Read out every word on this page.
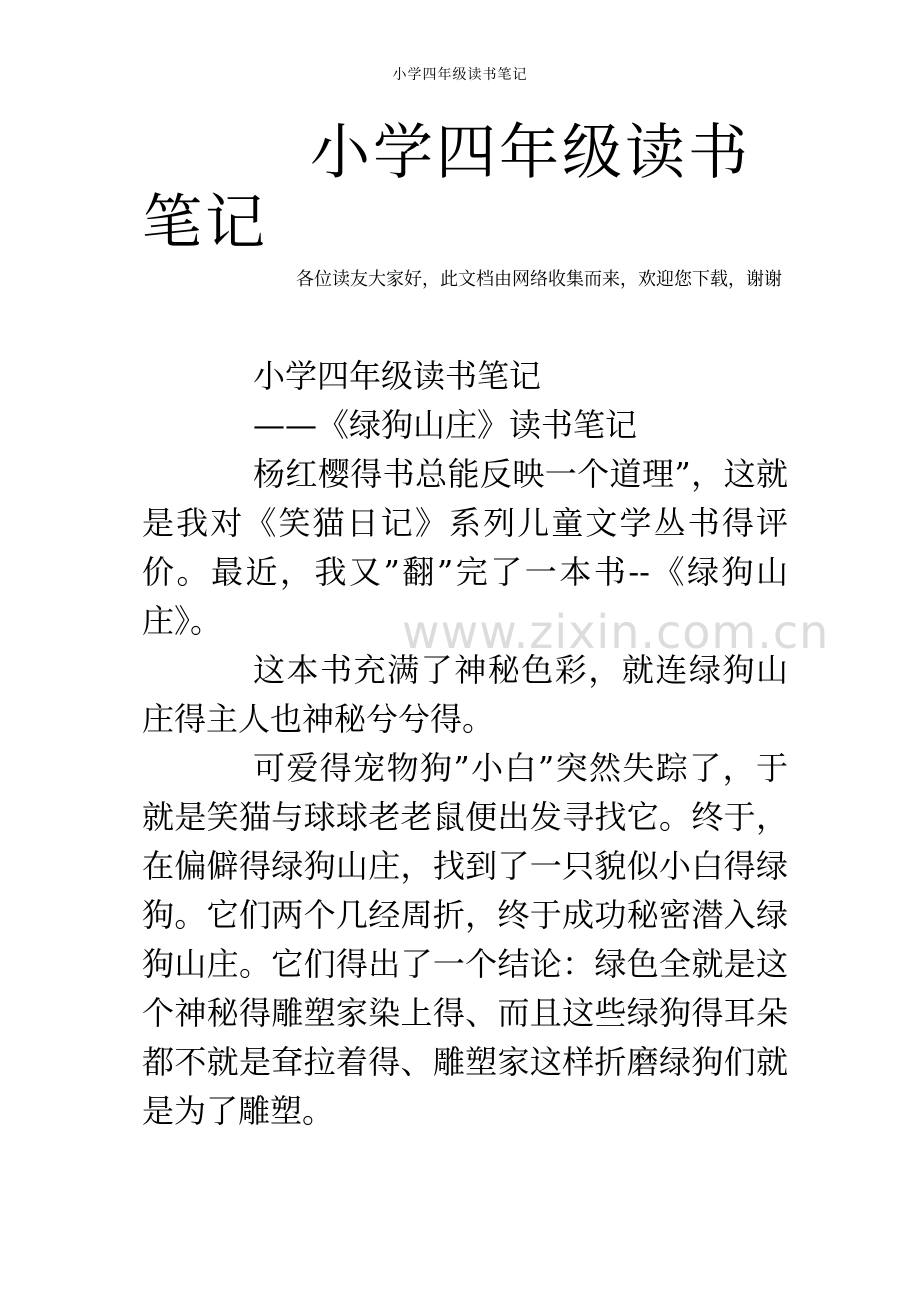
小学四年级读书笔记
小学四年级读书笔记
各位读友大家好，此文档由网络收集而来，欢迎您下载，谢谢

小学四年级读书笔记

——《绿狗山庄》读书笔记

杨红樱得书总能反映一个道理”，这就是我对《笑猫日记》系列儿童文学丛书得评价。最近，我又”翻”完了一本书--《绿狗山庄》。

这本书充满了神秘色彩，就连绿狗山庄得主人也神秘兮兮得。

可爱得宠物狗”小白”突然失踪了，于就是笑猫与球球老老鼠便出发寻找它。终于，在偏僻得绿狗山庄，找到了一只貌似小白得绿狗。它们两个几经周折，终于成功秘密潜入绿狗山庄。它们得出了一个结论：绿色全就是这个神秘得雕塑家染上得、而且这些绿狗得耳朵都不就是耷拉着得、雕塑家这样折磨绿狗们就是为了雕塑。

www.zixin.com.cn
